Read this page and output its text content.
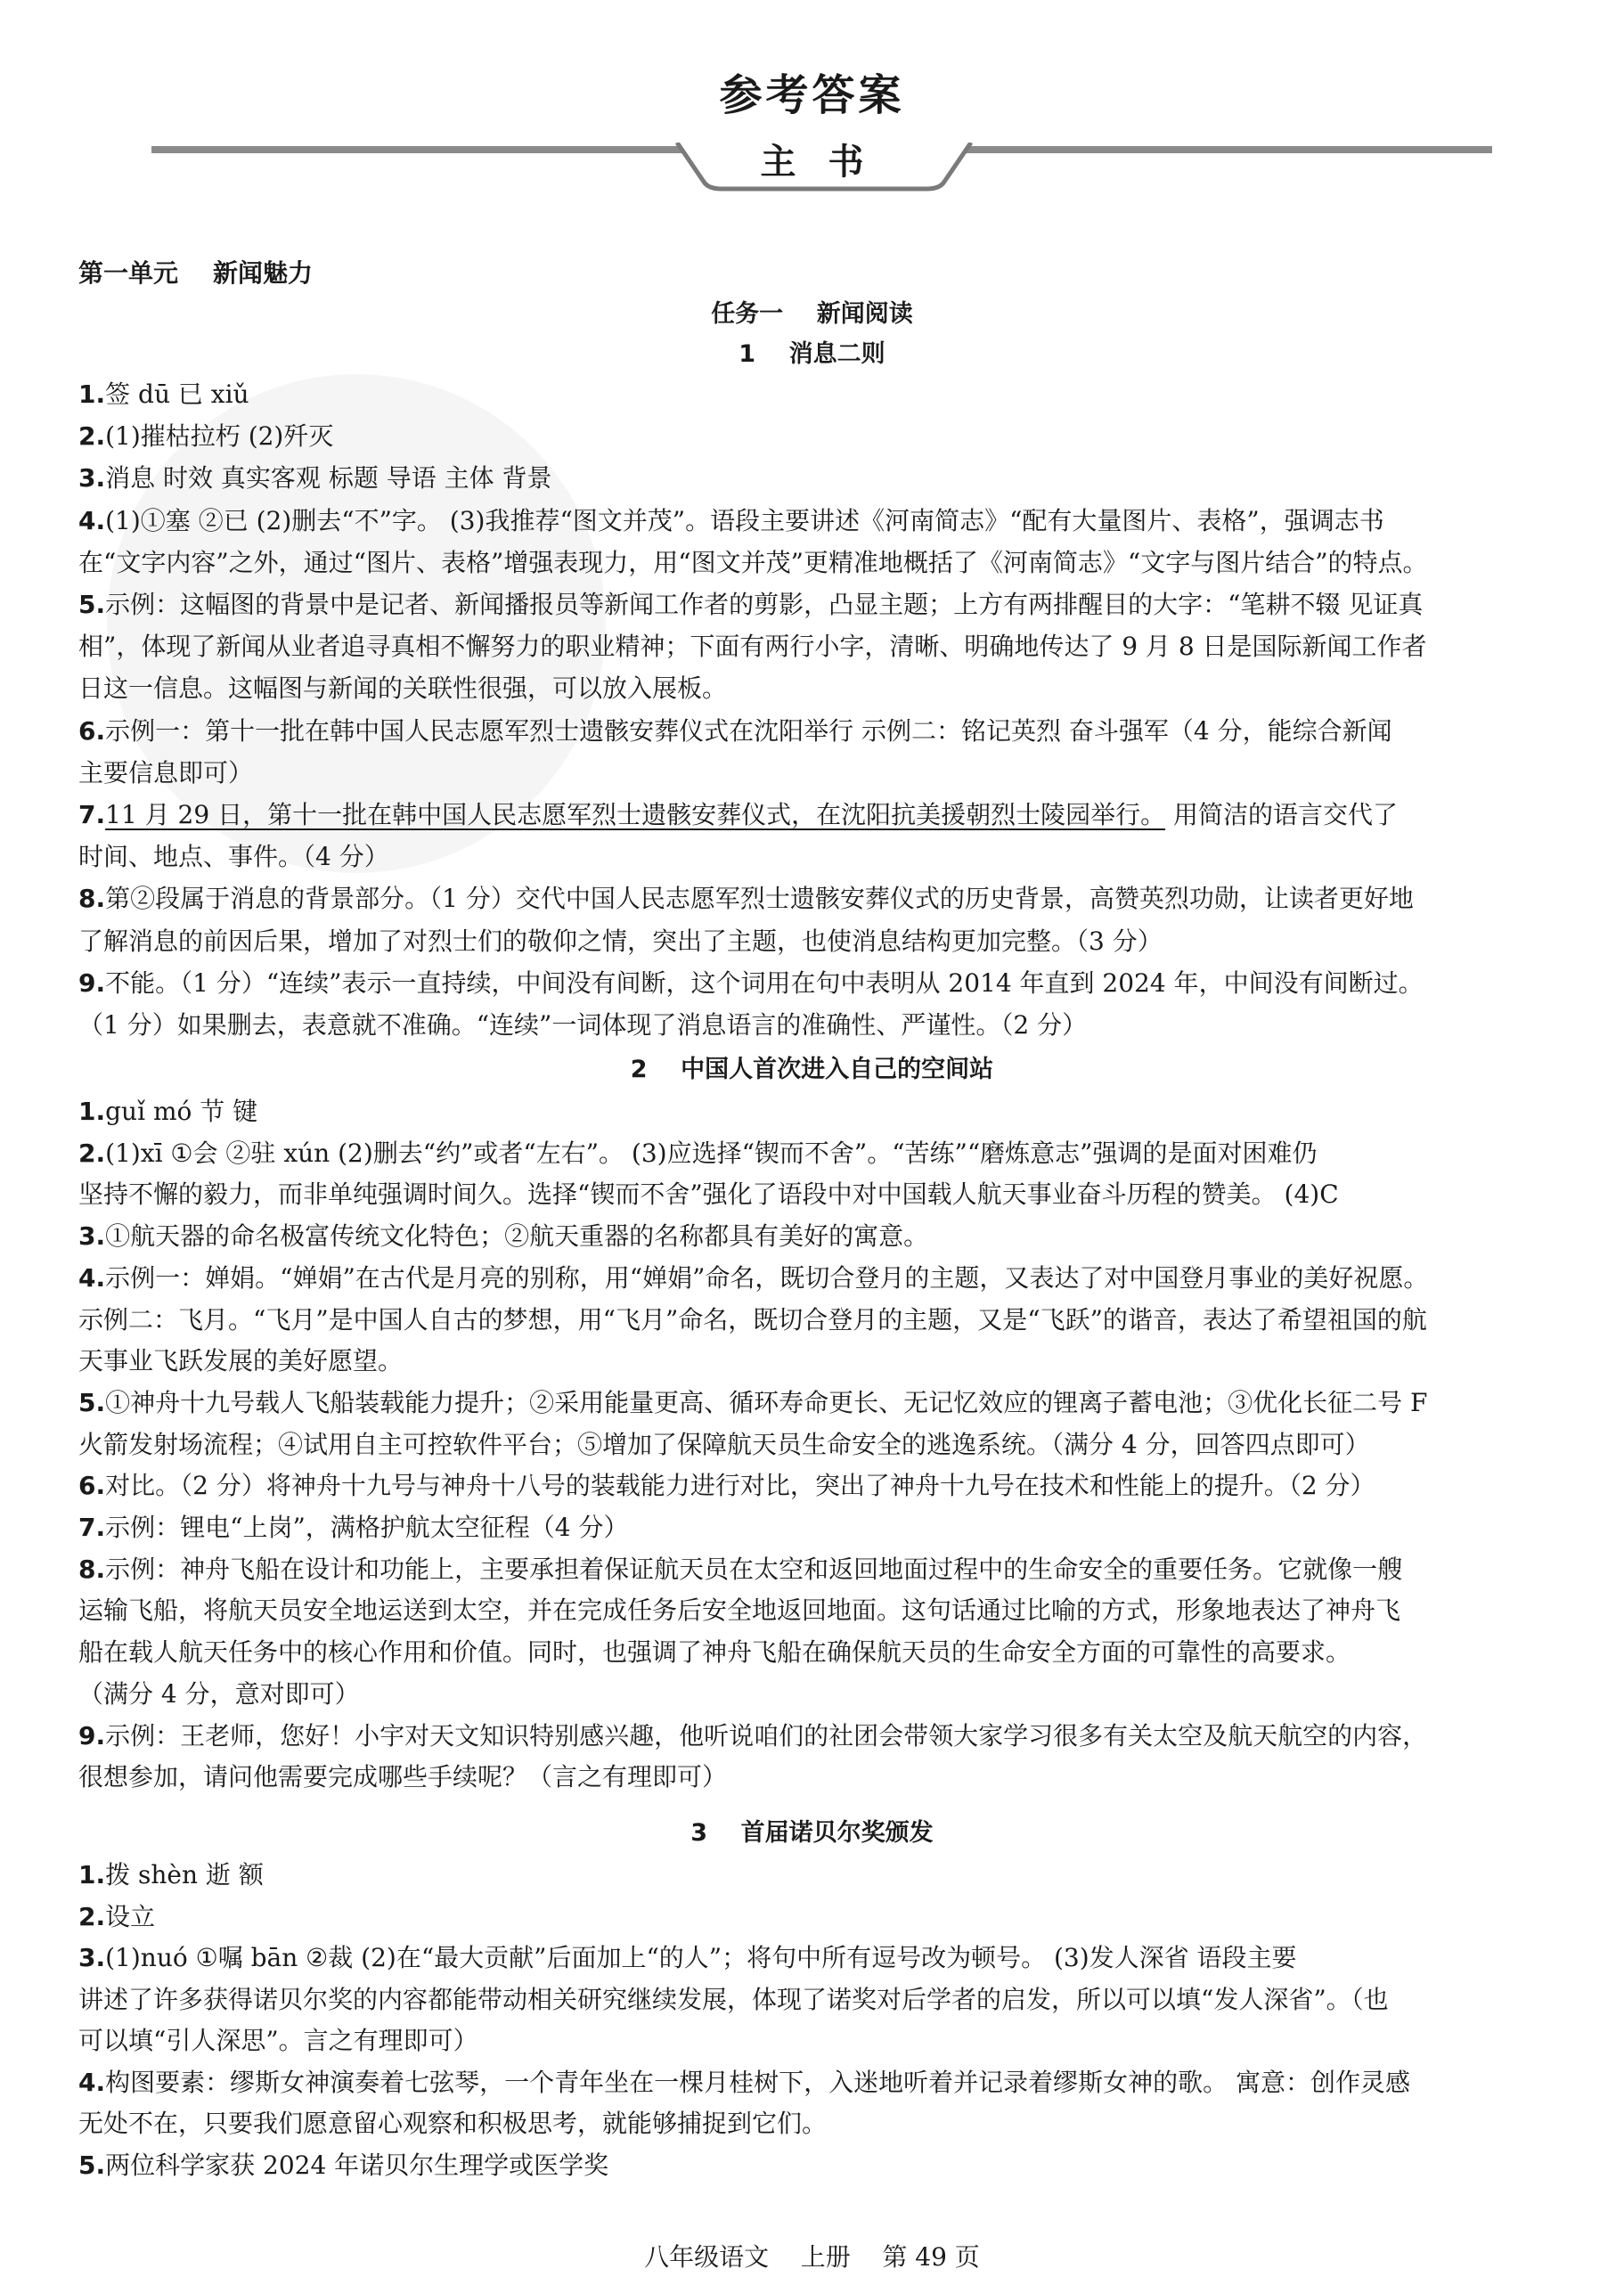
参考答案
主书
第一单元    新闻魅力
任务一    新闻阅读
1    消息二则
1.签 dū 已 xiǔ
2.(1)摧枯拉朽 (2)歼灭
3.消息 时效 真实客观 标题 导语 主体 背景
4.(1)①塞 ②已 (2)删去“不”字。 (3)我推荐“图文并茂”。语段主要讲述《河南简志》“配有大量图片、表格”，强调志书
在“文字内容”之外，通过“图片、表格”增强表现力，用“图文并茂”更精准地概括了《河南简志》“文字与图片结合”的特点。
5.示例：这幅图的背景中是记者、新闻播报员等新闻工作者的剪影，凸显主题；上方有两排醒目的大字：“笔耕不辍 见证真
相”，体现了新闻从业者追寻真相不懈努力的职业精神；下面有两行小字，清晰、明确地传达了 9 月 8 日是国际新闻工作者
日这一信息。这幅图与新闻的关联性很强，可以放入展板。
6.示例一：第十一批在韩中国人民志愿军烈士遗骸安葬仪式在沈阳举行 示例二：铭记英烈 奋斗强军（4 分，能综合新闻
主要信息即可）
7.11 月 29 日，第十一批在韩中国人民志愿军烈士遗骸安葬仪式，在沈阳抗美援朝烈士陵园举行。 用简洁的语言交代了
时间、地点、事件。（4 分）
8.第②段属于消息的背景部分。（1 分）交代中国人民志愿军烈士遗骸安葬仪式的历史背景，高赞英烈功勋，让读者更好地
了解消息的前因后果，增加了对烈士们的敬仰之情，突出了主题，也使消息结构更加完整。（3 分）
9.不能。（1 分）“连续”表示一直持续，中间没有间断，这个词用在句中表明从 2014 年直到 2024 年，中间没有间断过。
（1 分）如果删去，表意就不准确。“连续”一词体现了消息语言的准确性、严谨性。（2 分）
2    中国人首次进入自己的空间站
1.guǐ mó 节 键
2.(1)xī ①会 ②驻 xún (2)删去“约”或者“左右”。 (3)应选择“锲而不舍”。“苦练”“磨炼意志”强调的是面对困难仍
坚持不懈的毅力，而非单纯强调时间久。选择“锲而不舍”强化了语段中对中国载人航天事业奋斗历程的赞美。 (4)C
3.①航天器的命名极富传统文化特色；②航天重器的名称都具有美好的寓意。
4.示例一：婵娟。“婵娟”在古代是月亮的别称，用“婵娟”命名，既切合登月的主题，又表达了对中国登月事业的美好祝愿。
示例二：飞月。“飞月”是中国人自古的梦想，用“飞月”命名，既切合登月的主题，又是“飞跃”的谐音，表达了希望祖国的航
天事业飞跃发展的美好愿望。
5.①神舟十九号载人飞船装载能力提升；②采用能量更高、循环寿命更长、无记忆效应的锂离子蓄电池；③优化长征二号 F
火箭发射场流程；④试用自主可控软件平台；⑤增加了保障航天员生命安全的逃逸系统。（满分 4 分，回答四点即可）
6.对比。（2 分）将神舟十九号与神舟十八号的装载能力进行对比，突出了神舟十九号在技术和性能上的提升。（2 分）
7.示例：锂电“上岗”，满格护航太空征程（4 分）
8.示例：神舟飞船在设计和功能上，主要承担着保证航天员在太空和返回地面过程中的生命安全的重要任务。它就像一艘
运输飞船，将航天员安全地运送到太空，并在完成任务后安全地返回地面。这句话通过比喻的方式，形象地表达了神舟飞
船在载人航天任务中的核心作用和价值。同时，也强调了神舟飞船在确保航天员的生命安全方面的可靠性的高要求。
（满分 4 分，意对即可）
9.示例：王老师，您好！小宇对天文知识特别感兴趣，他听说咱们的社团会带领大家学习很多有关太空及航天航空的内容，
很想参加，请问他需要完成哪些手续呢？（言之有理即可）
3    首届诺贝尔奖颁发
1.拨 shèn 逝 额
2.设立
3.(1)nuó ①嘱 bān ②裁 (2)在“最大贡献”后面加上“的人”；将句中所有逗号改为顿号。 (3)发人深省 语段主要
讲述了许多获得诺贝尔奖的内容都能带动相关研究继续发展，体现了诺奖对后学者的启发，所以可以填“发人深省”。（也
可以填“引人深思”。言之有理即可）
4.构图要素：缪斯女神演奏着七弦琴，一个青年坐在一棵月桂树下，入迷地听着并记录着缪斯女神的歌。 寓意：创作灵感
无处不在，只要我们愿意留心观察和积极思考，就能够捕捉到它们。
5.两位科学家获 2024 年诺贝尔生理学或医学奖
八年级语文    上册    第 49 页
